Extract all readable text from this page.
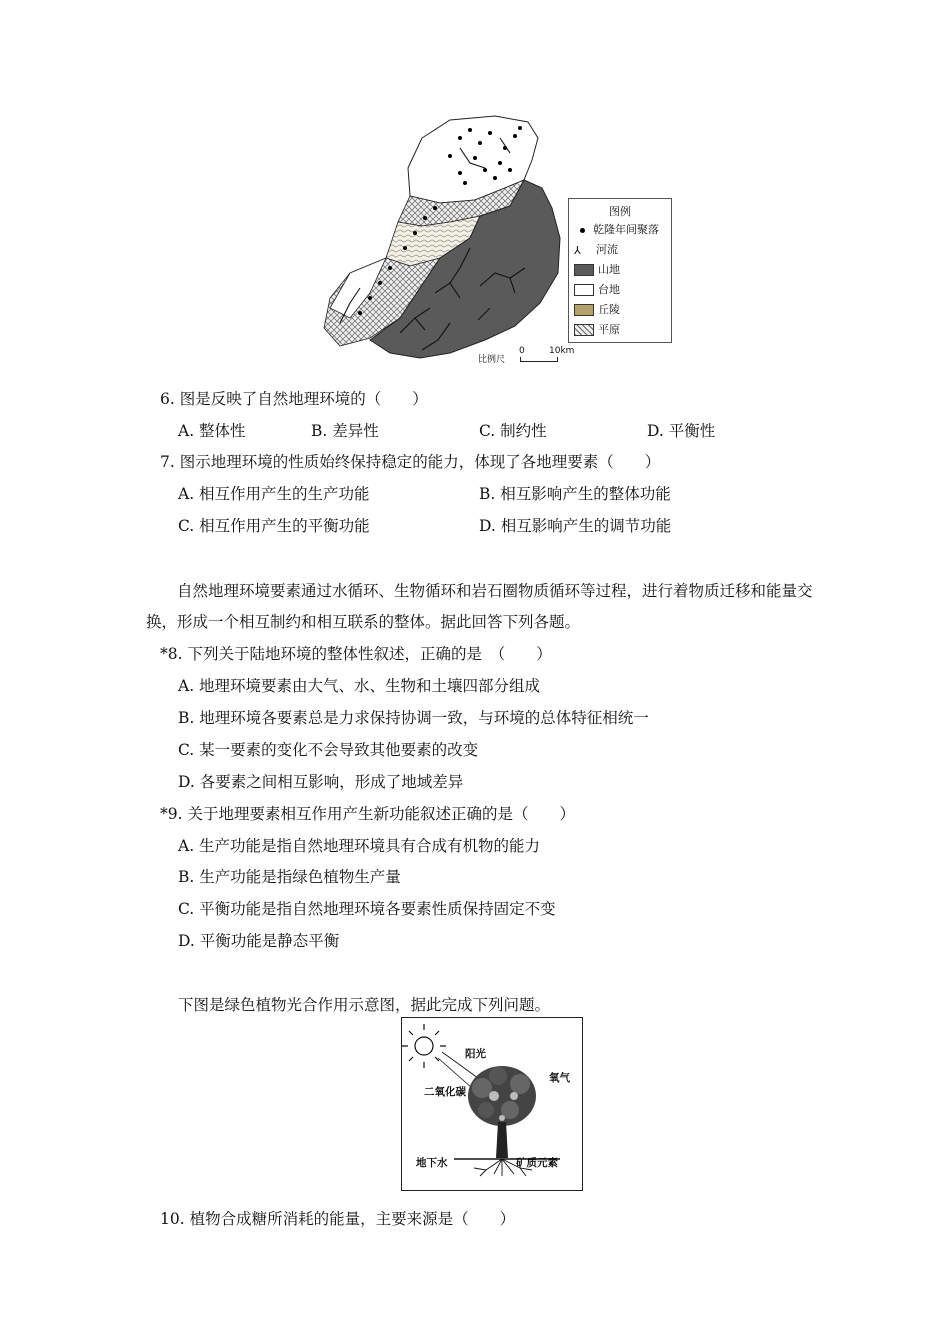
图例
乾隆年间聚落
⅄ 河流
山地
台地
丘陵
平原
比例尺
0	10km
6. 图是反映了自然地理环境的（　　）
A. 整体性	B. 差异性	C. 制约性	D. 平衡性
7. 图示地理环境的性质始终保持稳定的能力，体现了各地理要素（　　）
A. 相互作用产生的生产功能	B. 相互影响产生的整体功能
C. 相互作用产生的平衡功能	D. 相互影响产生的调节功能
自然地理环境要素通过水循环、生物循环和岩石圈物质循环等过程，进行着物质迁移和能量交换，形成一个相互制约和相互联系的整体。据此回答下列各题。
*8. 下列关于陆地环境的整体性叙述，正确的是　（　　）
A. 地理环境要素由大气、水、生物和土壤四部分组成
B. 地理环境各要素总是力求保持协调一致，与环境的总体特征相统一
C. 某一要素的变化不会导致其他要素的改变
D. 各要素之间相互影响，形成了地域差异
*9. 关于地理要素相互作用产生新功能叙述正确的是（　　）
A. 生产功能是指自然地理环境具有合成有机物的能力
B. 生产功能是指绿色植物生产量
C. 平衡功能是指自然地理环境各要素性质保持固定不变
D. 平衡功能是静态平衡
下图是绿色植物光合作用示意图，据此完成下列问题。
阳光
二氧化碳
氧气
地下水	矿质元素
10. 植物合成糖所消耗的能量，主要来源是（　　）
